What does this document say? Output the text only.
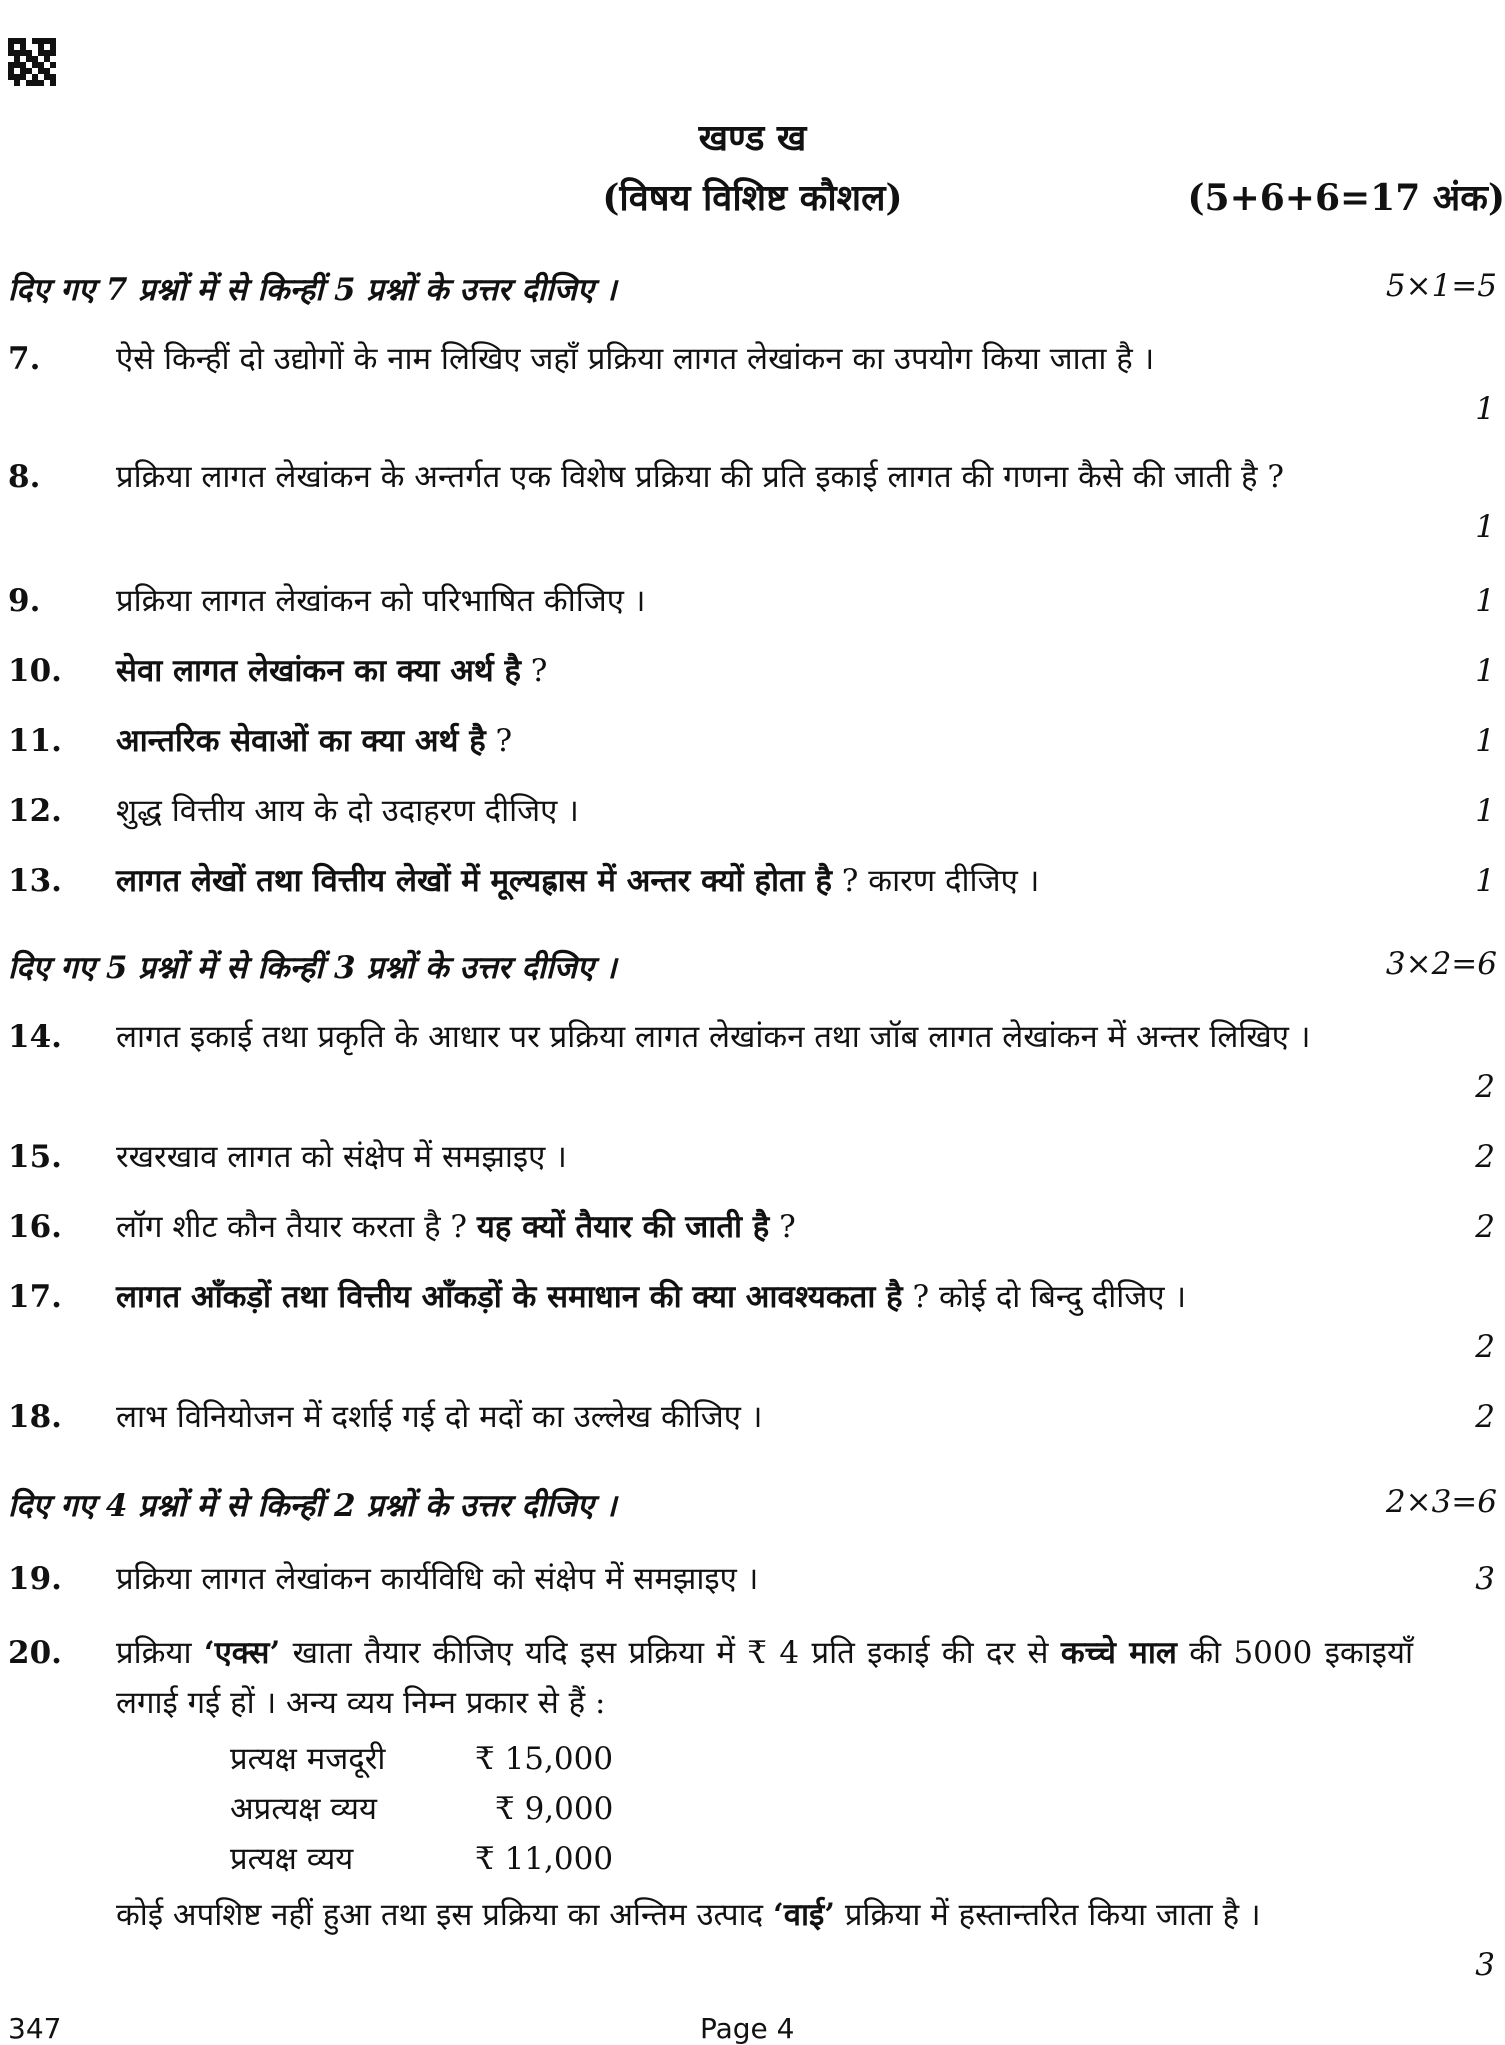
खण्ड ख
(विषय विशिष्ट कौशल)	(5+6+6=17 अंक)
दिए गए 7 प्रश्नों में से किन्हीं 5 प्रश्नों के उत्तर दीजिए ।	5×1=5
7. ऐसे किन्हीं दो उद्योगों के नाम लिखिए जहाँ प्रक्रिया लागत लेखांकन का उपयोग किया जाता है ।
1
8. प्रक्रिया लागत लेखांकन के अन्तर्गत एक विशेष प्रक्रिया की प्रति इकाई लागत की गणना कैसे की जाती है ?
1
9. प्रक्रिया लागत लेखांकन को परिभाषित कीजिए ।	1
10. सेवा लागत लेखांकन का क्या अर्थ है ?	1
11. आन्तरिक सेवाओं का क्या अर्थ है ?	1
12. शुद्ध वित्तीय आय के दो उदाहरण दीजिए ।	1
13. लागत लेखों तथा वित्तीय लेखों में मूल्यह्रास में अन्तर क्यों होता है ? कारण दीजिए ।	1
दिए गए 5 प्रश्नों में से किन्हीं 3 प्रश्नों के उत्तर दीजिए ।	3×2=6
14. लागत इकाई तथा प्रकृति के आधार पर प्रक्रिया लागत लेखांकन तथा जॉब लागत लेखांकन में अन्तर लिखिए ।
2
15. रखरखाव लागत को संक्षेप में समझाइए ।	2
16. लॉग शीट कौन तैयार करता है ? यह क्यों तैयार की जाती है ?	2
17. लागत आँकड़ों तथा वित्तीय आँकड़ों के समाधान की क्या आवश्यकता है ? कोई दो बिन्दु दीजिए ।
2
18. लाभ विनियोजन में दर्शाई गई दो मदों का उल्लेख कीजिए ।	2
दिए गए 4 प्रश्नों में से किन्हीं 2 प्रश्नों के उत्तर दीजिए ।	2×3=6
19. प्रक्रिया लागत लेखांकन कार्यविधि को संक्षेप में समझाइए ।	3
20. प्रक्रिया ‘एक्स’ खाता तैयार कीजिए यदि इस प्रक्रिया में ₹ 4 प्रति इकाई की दर से कच्चे माल की 5000 इकाइयाँ लगाई गई हों । अन्य व्यय निम्न प्रकार से हैं :
प्रत्यक्ष मजदूरी	₹ 15,000
अप्रत्यक्ष व्यय	₹ 9,000
प्रत्यक्ष व्यय	₹ 11,000
कोई अपशिष्ट नहीं हुआ तथा इस प्रक्रिया का अन्तिम उत्पाद ‘वाई’ प्रक्रिया में हस्तान्तरित किया जाता है ।
3
347	Page 4
